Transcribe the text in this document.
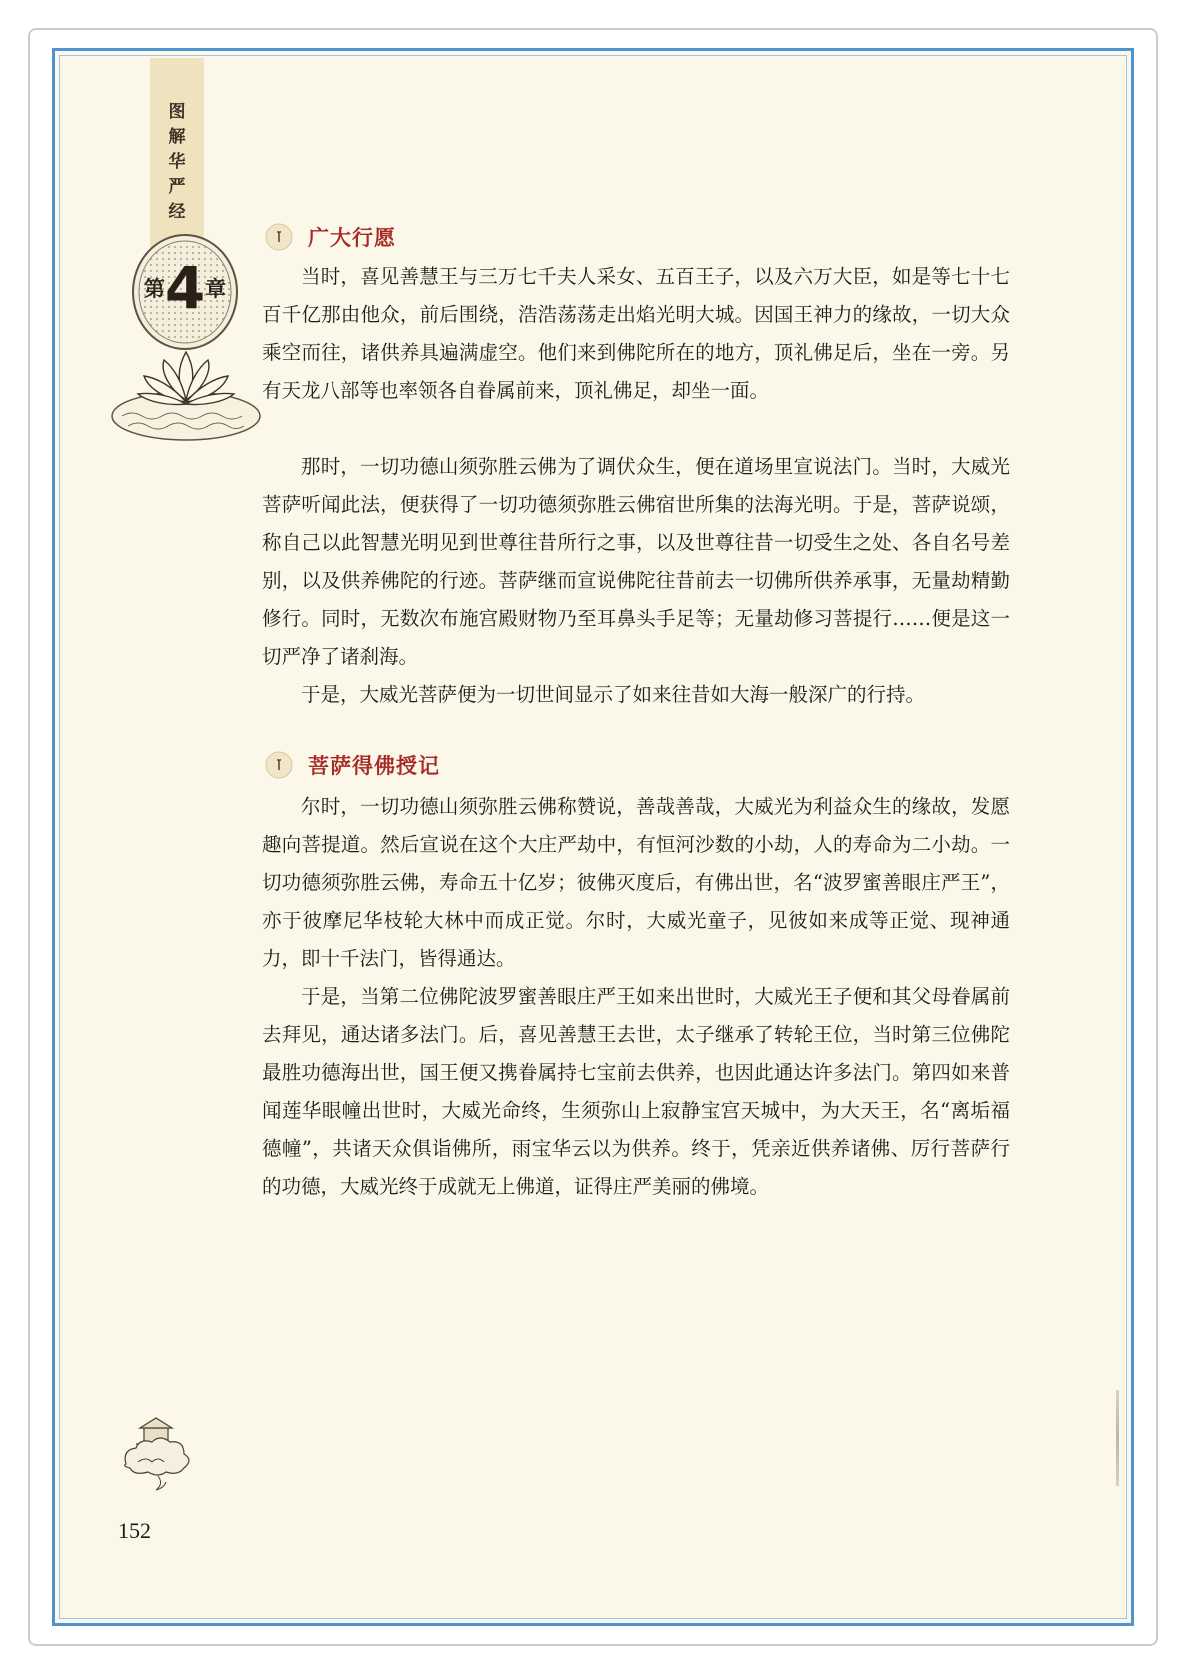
图
解
华
严
经
第4章
广大行愿

当时，喜见善慧王与三万七千夫人采女、五百王子，以及六万大臣，如是等七十七百千亿那由他众，前后围绕，浩浩荡荡走出焰光明大城。因国王神力的缘故，一切大众乘空而往，诸供养具遍满虚空。他们来到佛陀所在的地方，顶礼佛足后，坐在一旁。另有天龙八部等也率领各自眷属前来，顶礼佛足，却坐一面。

那时，一切功德山须弥胜云佛为了调伏众生，便在道场里宣说法门。当时，大威光菩萨听闻此法，便获得了一切功德须弥胜云佛宿世所集的法海光明。于是，菩萨说颂，称自己以此智慧光明见到世尊往昔所行之事，以及世尊往昔一切受生之处、各自名号差别，以及供养佛陀的行迹。菩萨继而宣说佛陀往昔前去一切佛所供养承事，无量劫精勤修行。同时，无数次布施宫殿财物乃至耳鼻头手足等；无量劫修习菩提行……便是这一切严净了诸刹海。

于是，大威光菩萨便为一切世间显示了如来往昔如大海一般深广的行持。

菩萨得佛授记

尔时，一切功德山须弥胜云佛称赞说，善哉善哉，大威光为利益众生的缘故，发愿趣向菩提道。然后宣说在这个大庄严劫中，有恒河沙数的小劫，人的寿命为二小劫。一切功德须弥胜云佛，寿命五十亿岁；彼佛灭度后，有佛出世，名“波罗蜜善眼庄严王”，亦于彼摩尼华枝轮大林中而成正觉。尔时，大威光童子，见彼如来成等正觉、现神通力，即十千法门，皆得通达。

于是，当第二位佛陀波罗蜜善眼庄严王如来出世时，大威光王子便和其父母眷属前去拜见，通达诸多法门。后，喜见善慧王去世，太子继承了转轮王位，当时第三位佛陀最胜功德海出世，国王便又携眷属持七宝前去供养，也因此通达许多法门。第四如来普闻莲华眼幢出世时，大威光命终，生须弥山上寂静宝宫天城中，为大天王，名“离垢福德幢”，共诸天众俱诣佛所，雨宝华云以为供养。终于，凭亲近供养诸佛、厉行菩萨行的功德，大威光终于成就无上佛道，证得庄严美丽的佛境。

152
